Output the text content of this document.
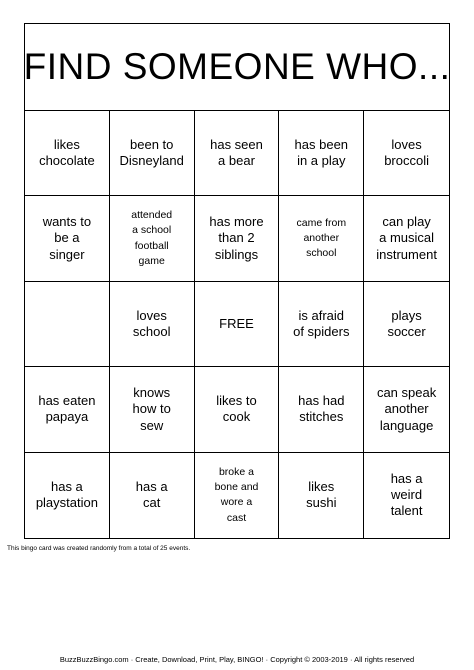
FIND SOMEONE WHO...
likes
chocolate
been to
Disneyland
has seen
a bear
has been
in a play
loves
broccoli
wants to
be a
singer
attended
a school
football
game
has more
than 2
siblings
came from
another
school
can play
a musical
instrument
loves
school
FREE
is afraid
of spiders
plays
soccer
has eaten
papaya
knows
how to
sew
likes to
cook
has had
stitches
can speak
another
language
has a
playstation
has a
cat
broke a
bone and
wore a
cast
likes
sushi
has a
weird
talent
This bingo card was created randomly from a total of 25 events.
BuzzBuzzBingo.com · Create, Download, Print, Play, BINGO! · Copyright © 2003-2019 · All rights reserved
